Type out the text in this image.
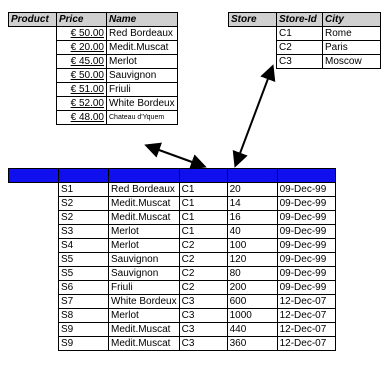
Product	Price	Name
	€ 50.00	Red Bordeaux
	€ 20.00	Medit.Muscat
	€ 45.00	Merlot
	€ 50.00	Sauvignon
	€ 51.00	Friuli
	€ 52.00	White Bordeux
	€ 48.00	Chateau d'Yquem
Store	Store-Id	City
	C1	Rome
	C2	Paris
	C3	Moscow
Sale	Sale-Id	Bottle-Id	Store-Id	Quantity	Date
	S1	Red Bordeaux	C1	20	09-Dec-99
	S2	Medit.Muscat	C1	14	09-Dec-99
	S2	Medit.Muscat	C1	16	09-Dec-99
	S3	Merlot	C1	40	09-Dec-99
	S4	Merlot	C2	100	09-Dec-99
	S5	Sauvignon	C2	120	09-Dec-99
	S5	Sauvignon	C2	80	09-Dec-99
	S6	Friuli	C2	200	09-Dec-99
	S7	White Bordeux	C3	600	12-Dec-07
	S8	Merlot	C3	1000	12-Dec-07
	S9	Medit.Muscat	C3	440	12-Dec-07
	S9	Medit.Muscat	C3	360	12-Dec-07
